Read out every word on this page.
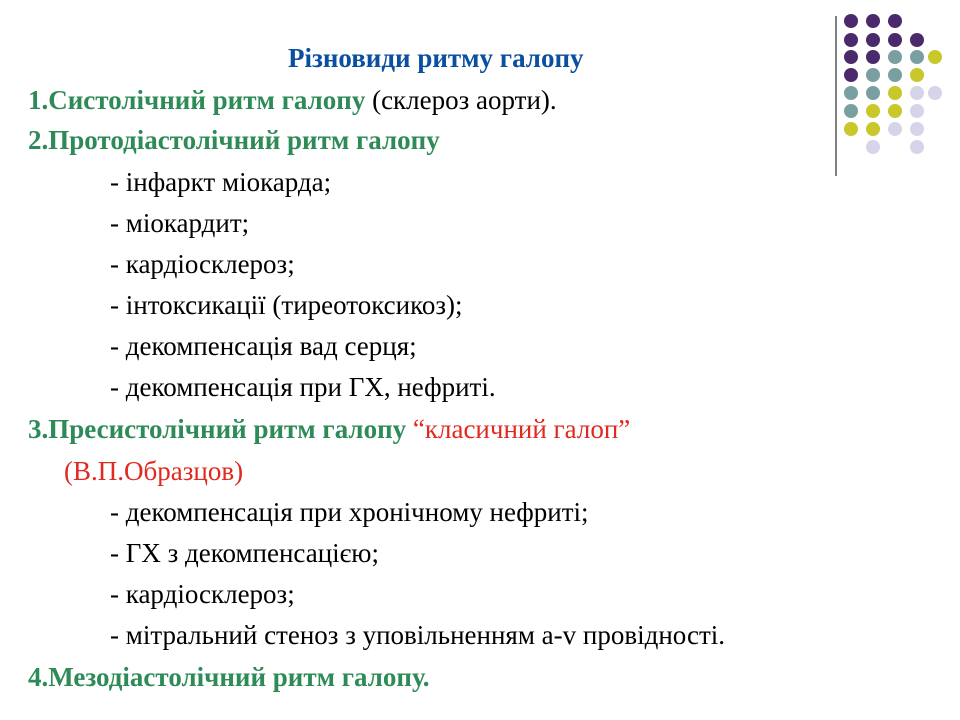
Різновиди ритму галопу
1.Систолічний ритм галопу (склероз аорти).
2.Протодіастолічний ритм галопу
- інфаркт міокарда;
- міокардит;
- кардіосклероз;
- інтоксикації (тиреотоксикоз);
- декомпенсація вад серця;
- декомпенсація при ГХ, нефриті.
3.Пресистолічний ритм галопу “класичний галоп”
(В.П.Образцов)
- декомпенсація при хронічному нефриті;
- ГХ з декомпенсацією;
- кардіосклероз;
- мітральний стеноз з уповільненням a-v провідності.
4.Мезодіастолічний ритм галопу.
